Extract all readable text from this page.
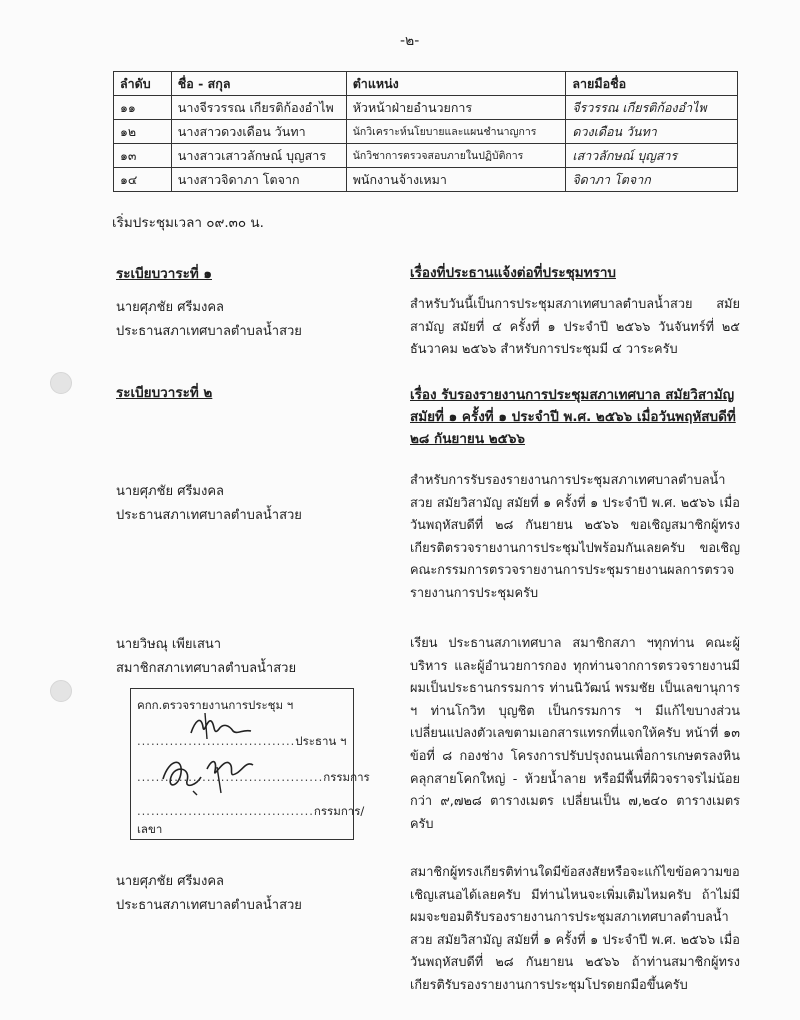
-๒-
ลำดับ	ชื่อ - สกุล	ตำแหน่ง	ลายมือชื่อ
๑๑	นางจีรวรรณ เกียรติก้องอำไพ	หัวหน้าฝ่ายอำนวยการ	จีรวรรณ เกียรติก้องอำไพ
๑๒	นางสาวดวงเดือน วันทา	นักวิเคราะห์นโยบายและแผนชำนาญการ	ดวงเดือน วันทา
๑๓	นางสาวเสาวลักษณ์ บุญสาร	นักวิชาการตรวจสอบภายในปฏิบัติการ	เสาวลักษณ์ บุญสาร
๑๔	นางสาวจิดาภา โตจาก	พนักงานจ้างเหมา	จิดาภา โตจาก
เริ่มประชุมเวลา ๐๙.๓๐ น.
ระเบียบวาระที่ ๑	เรื่องที่ประธานแจ้งต่อที่ประชุมทราบ
นายศุภชัย ศรีมงคล
ประธานสภาเทศบาลตำบลน้ำสวย
สำหรับวันนี้เป็นการประชุมสภาเทศบาลตำบลน้ำสวย สมัยสามัญ สมัยที่ ๔ ครั้งที่ ๑ ประจำปี ๒๕๖๖ วันจันทร์ที่ ๒๕ ธันวาคม ๒๕๖๖ สำหรับการประชุมมี ๔ วาระครับ
ระเบียบวาระที่ ๒	เรื่อง รับรองรายงานการประชุมสภาเทศบาล สมัยวิสามัญ สมัยที่ ๑ ครั้งที่ ๑ ประจำปี พ.ศ. ๒๕๖๖ เมื่อวันพฤหัสบดีที่ ๒๘ กันยายน ๒๕๖๖
นายศุภชัย ศรีมงคล
ประธานสภาเทศบาลตำบลน้ำสวย
สำหรับการรับรองรายงานการประชุมสภาเทศบาลตำบลน้ำสวย สมัยวิสามัญ สมัยที่ ๑ ครั้งที่ ๑ ประจำปี พ.ศ. ๒๕๖๖ เมื่อวันพฤหัสบดีที่ ๒๘ กันยายน ๒๕๖๖ ขอเชิญสมาชิกผู้ทรงเกียรติตรวจรายงานการประชุมไปพร้อมกันเลยครับ ขอเชิญคณะกรรมการตรวจรายงานการประชุมรายงานผลการตรวจรายงานการประชุมครับ
นายวิษณุ เพียเสนา
สมาชิกสภาเทศบาลตำบลน้ำสวย
เรียน ประธานสภาเทศบาล สมาชิกสภา ฯทุกท่าน คณะผู้บริหาร และผู้อำนวยการกอง ทุกท่านจากการตรวจรายงานมีผมเป็นประธานกรรมการ ท่านนิวัฒน์ พรมชัย เป็นเลขานุการ ฯ ท่านโกวิท บุญชิต เป็นกรรมการ ฯ มีแก้ไขบางส่วนเปลี่ยนแปลงตัวเลขตามเอกสารแทรกที่แจกให้ครับ หน้าที่ ๑๓ ข้อที่ ๘ กองช่าง โครงการปรับปรุงถนนเพื่อการเกษตรลงหินคลุกสายโคกใหญ่ - ห้วยน้ำลาย หรือมีพื้นที่ผิวจราจรไม่น้อยกว่า ๙,๗๒๘ ตารางเมตร เปลี่ยนเป็น ๗,๒๔๐ ตารางเมตร ครับ
คกก.ตรวจรายงานการประชุม ฯ
..................................ประธาน ฯ
........................................กรรมการ
......................................กรรมการ/เลขา
นายศุภชัย ศรีมงคล
ประธานสภาเทศบาลตำบลน้ำสวย
สมาชิกผู้ทรงเกียรติท่านใดมีข้อสงสัยหรือจะแก้ไขข้อความขอเชิญเสนอได้เลยครับ มีท่านไหนจะเพิ่มเติมไหมครับ ถ้าไม่มีผมจะขอมติรับรองรายงานการประชุมสภาเทศบาลตำบลน้ำสวย สมัยวิสามัญ สมัยที่ ๑ ครั้งที่ ๑ ประจำปี พ.ศ. ๒๕๖๖ เมื่อวันพฤหัสบดีที่ ๒๘ กันยายน ๒๕๖๖ ถ้าท่านสมาชิกผู้ทรงเกียรติรับรองรายงานการประชุมโปรดยกมือขึ้นครับ
